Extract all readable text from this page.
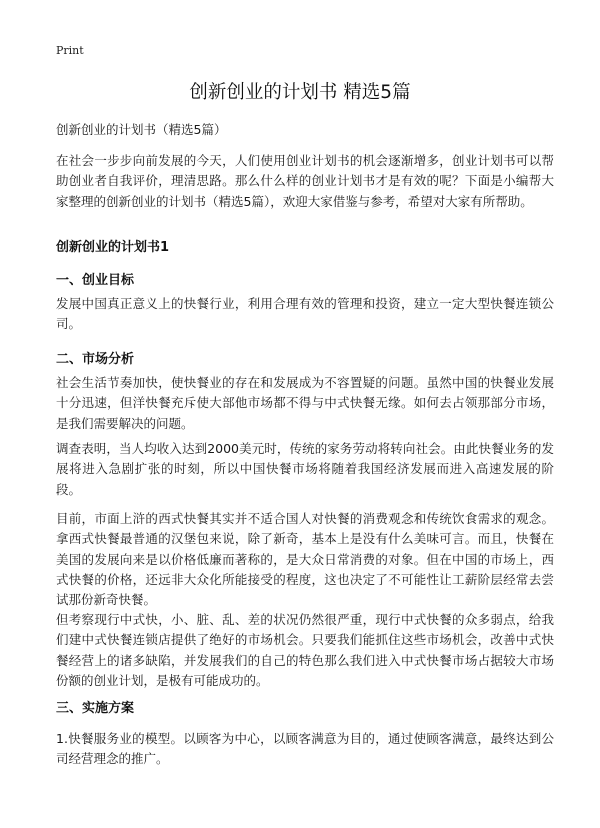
Print
创新创业的计划书 精选5篇

创新创业的计划书（精选5篇）

在社会一步步向前发展的今天，人们使用创业计划书的机会逐渐增多，创业计划书可以帮助创业者自我评价，理清思路。那么什么样的创业计划书才是有效的呢？下面是小编帮大家整理的创新创业的计划书（精选5篇），欢迎大家借鉴与参考，希望对大家有所帮助。

创新创业的计划书1

一、创业目标

发展中国真正意义上的快餐行业，利用合理有效的管理和投资，建立一定大型快餐连锁公司。

二、市场分析

社会生活节奏加快，使快餐业的存在和发展成为不容置疑的问题。虽然中国的快餐业发展十分迅速，但洋快餐充斥使大部他市场都不得与中式快餐无缘。如何去占领那部分市场，是我们需要解决的问题。

调查表明，当人均收入达到2000美元时，传统的家务劳动将转向社会。由此快餐业务的发展将进入急剧扩张的时刻，所以中国快餐市场将随着我国经济发展而进入高速发展的阶段。

目前，市面上浒的西式快餐其实并不适合国人对快餐的消费观念和传统饮食需求的观念。拿西式快餐最普通的汉堡包来说，除了新奇，基本上是没有什么美味可言。而且，快餐在美国的发展向来是以价格低廉而著称的，是大众日常消费的对象。但在中国的市场上，西式快餐的价格，还远非大众化所能接受的程度，这也决定了不可能性让工薪阶层经常去尝试那份新奇快餐。

但考察现行中式快，小、脏、乱、差的状况仍然很严重，现行中式快餐的众多弱点，给我们建中式快餐连锁店提供了绝好的市场机会。只要我们能抓住这些市场机会，改善中式快餐经营上的诸多缺陷，并发展我们的自己的特色那么我们进入中式快餐市场占据较大市场份额的创业计划，是极有可能成功的。

三、实施方案

1.快餐服务业的模型。以顾客为中心，以顾客满意为目的，通过使顾客满意，最终达到公司经营理念的推广。
